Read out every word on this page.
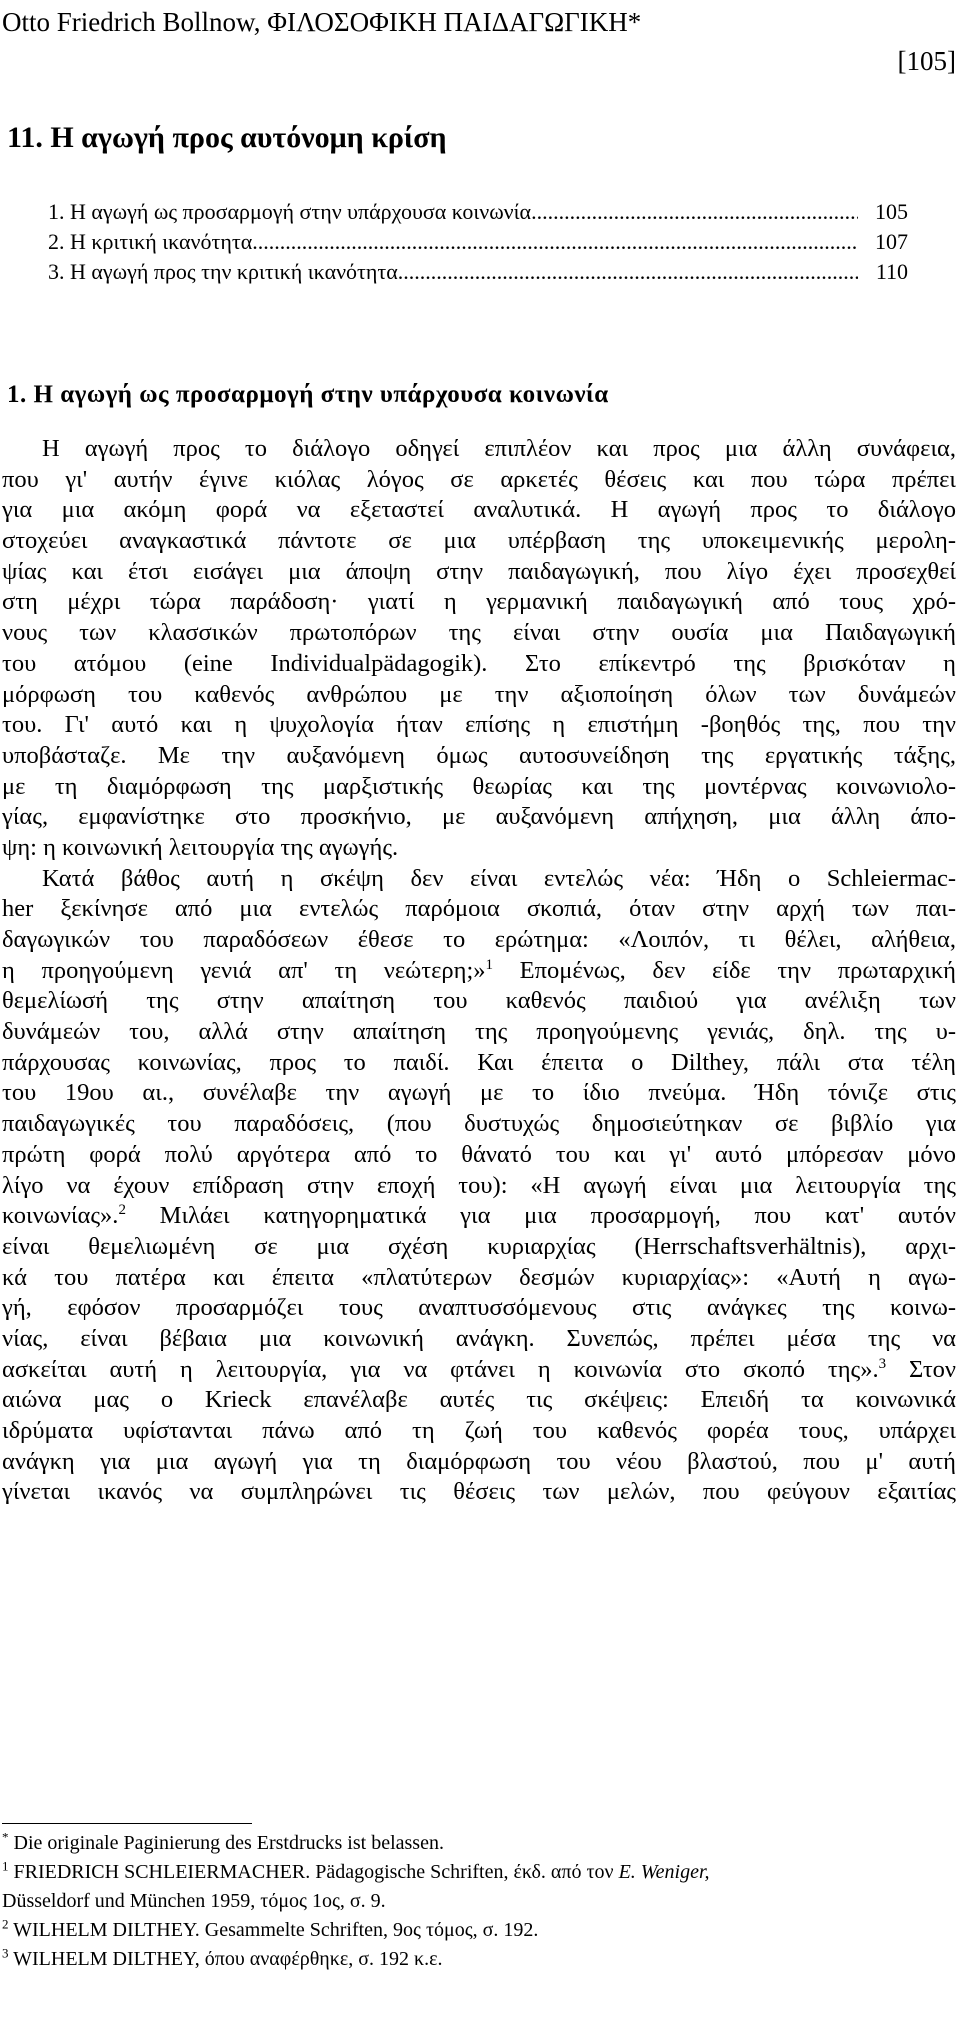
Otto Friedrich Bollnow, ΦΙΛΟΣΟΦΙΚΗ ΠΑΙΔΑΓΩΓΙΚΗ*
[105]
11. Η αγωγή προς αυτόνομη κρίση
1. Η αγωγή ως προσαρμογή στην υπάρχουσα κοινωνία .....	105
2. Η κριτική ικανότητα .....	107
3. Η αγωγή προς την κριτική ικανότητα .....	110
1. Η αγωγή ως προσαρμογή στην υπάρχουσα κοινωνία
Η αγωγή προς το διάλογο οδηγεί επιπλέον και προς μια άλλη συνάφεια,
που γι' αυτήν έγινε κιόλας λόγος σε αρκετές θέσεις και που τώρα πρέπει
για μια ακόμη φορά να εξεταστεί αναλυτικά. Η αγωγή προς το διάλογο
στοχεύει αναγκαστικά πάντοτε σε μια υπέρβαση της υποκειμενικής μερολη-
ψίας και έτσι εισάγει μια άποψη στην παιδαγωγική, που λίγο έχει προσεχθεί
στη μέχρι τώρα παράδοση· γιατί η γερμανική παιδαγωγική από τους χρό-
νους των κλασσικών πρωτοπόρων της είναι στην ουσία μια Παιδαγωγική
του ατόμου (eine Individualpädagogik). Στο επίκεντρό της βρισκόταν η
μόρφωση του καθενός ανθρώπου με την αξιοποίηση όλων των δυνάμεών
του. Γι' αυτό και η ψυχολογία ήταν επίσης η επιστήμη -βοηθός της, που την
υποβάσταζε. Με την αυξανόμενη όμως αυτοσυνείδηση της εργατικής τάξης,
με τη διαμόρφωση της μαρξιστικής θεωρίας και της μοντέρνας κοινωνιολο-
γίας, εμφανίστηκε στο προσκήνιο, με αυξανόμενη απήχηση, μια άλλη άπο-
ψη: η κοινωνική λειτουργία της αγωγής.
Κατά βάθος αυτή η σκέψη δεν είναι εντελώς νέα: Ήδη ο Schleiermac-
her ξεκίνησε από μια εντελώς παρόμοια σκοπιά, όταν στην αρχή των παι-
δαγωγικών του παραδόσεων έθεσε το ερώτημα: «Λοιπόν, τι θέλει, αλήθεια,
η προηγούμενη γενιά απ' τη νεώτερη;»$^1$ Επομένως, δεν είδε την πρωταρχική
θεμελίωσή της στην απαίτηση του καθενός παιδιού για ανέλιξη των
δυνάμεών του, αλλά στην απαίτηση της προηγούμενης γενιάς, δηλ. της υ-
πάρχουσας κοινωνίας, προς το παιδί. Και έπειτα ο Dilthey, πάλι στα τέλη
του 19ου αι., συνέλαβε την αγωγή με το ίδιο πνεύμα. Ήδη τόνιζε στις
παιδαγωγικές του παραδόσεις, (που δυστυχώς δημοσιεύτηκαν σε βιβλίο για
πρώτη φορά πολύ αργότερα από το θάνατό του και γι' αυτό μπόρεσαν μόνο
λίγο να έχουν επίδραση στην εποχή του): «Η αγωγή είναι μια λειτουργία της
κοινωνίας».$^2$ Μιλάει κατηγορηματικά για μια προσαρμογή, που κατ' αυτόν
είναι θεμελιωμένη σε μια σχέση κυριαρχίας (Herrschaftsverhältnis), αρχι-
κά του πατέρα και έπειτα «πλατύτερων δεσμών κυριαρχίας»: «Αυτή η αγω-
γή, εφόσον προσαρμόζει τους αναπτυσσόμενους στις ανάγκες της κοινω-
νίας, είναι βέβαια μια κοινωνική ανάγκη. Συνεπώς, πρέπει μέσα της να
ασκείται αυτή η λειτουργία, για να φτάνει η κοινωνία στο σκοπό της».$^3$ Στον
αιώνα μας ο Krieck επανέλαβε αυτές τις σκέψεις: Επειδή τα κοινωνικά
ιδρύματα υφίστανται πάνω από τη ζωή του καθενός φορέα τους, υπάρχει
ανάγκη για μια αγωγή για τη διαμόρφωση του νέου βλαστού, που μ' αυτή
γίνεται ικανός να συμπληρώνει τις θέσεις των μελών, που φεύγουν εξαιτίας
* Die originale Paginierung des Erstdrucks ist belassen.
$^1$ FRIEDRICH SCHLEIERMACHER. Pädagogische Schriften, έκδ. από τον E. Weniger,
Düsseldorf und München 1959, τόμος 1ος, σ. 9.
$^2$ WILHELM DILTHEY. Gesammelte Schriften, 9ος τόμος, σ. 192.
$^3$ WILHELM DILTHEY, όπου αναφέρθηκε, σ. 192 κ.ε.
